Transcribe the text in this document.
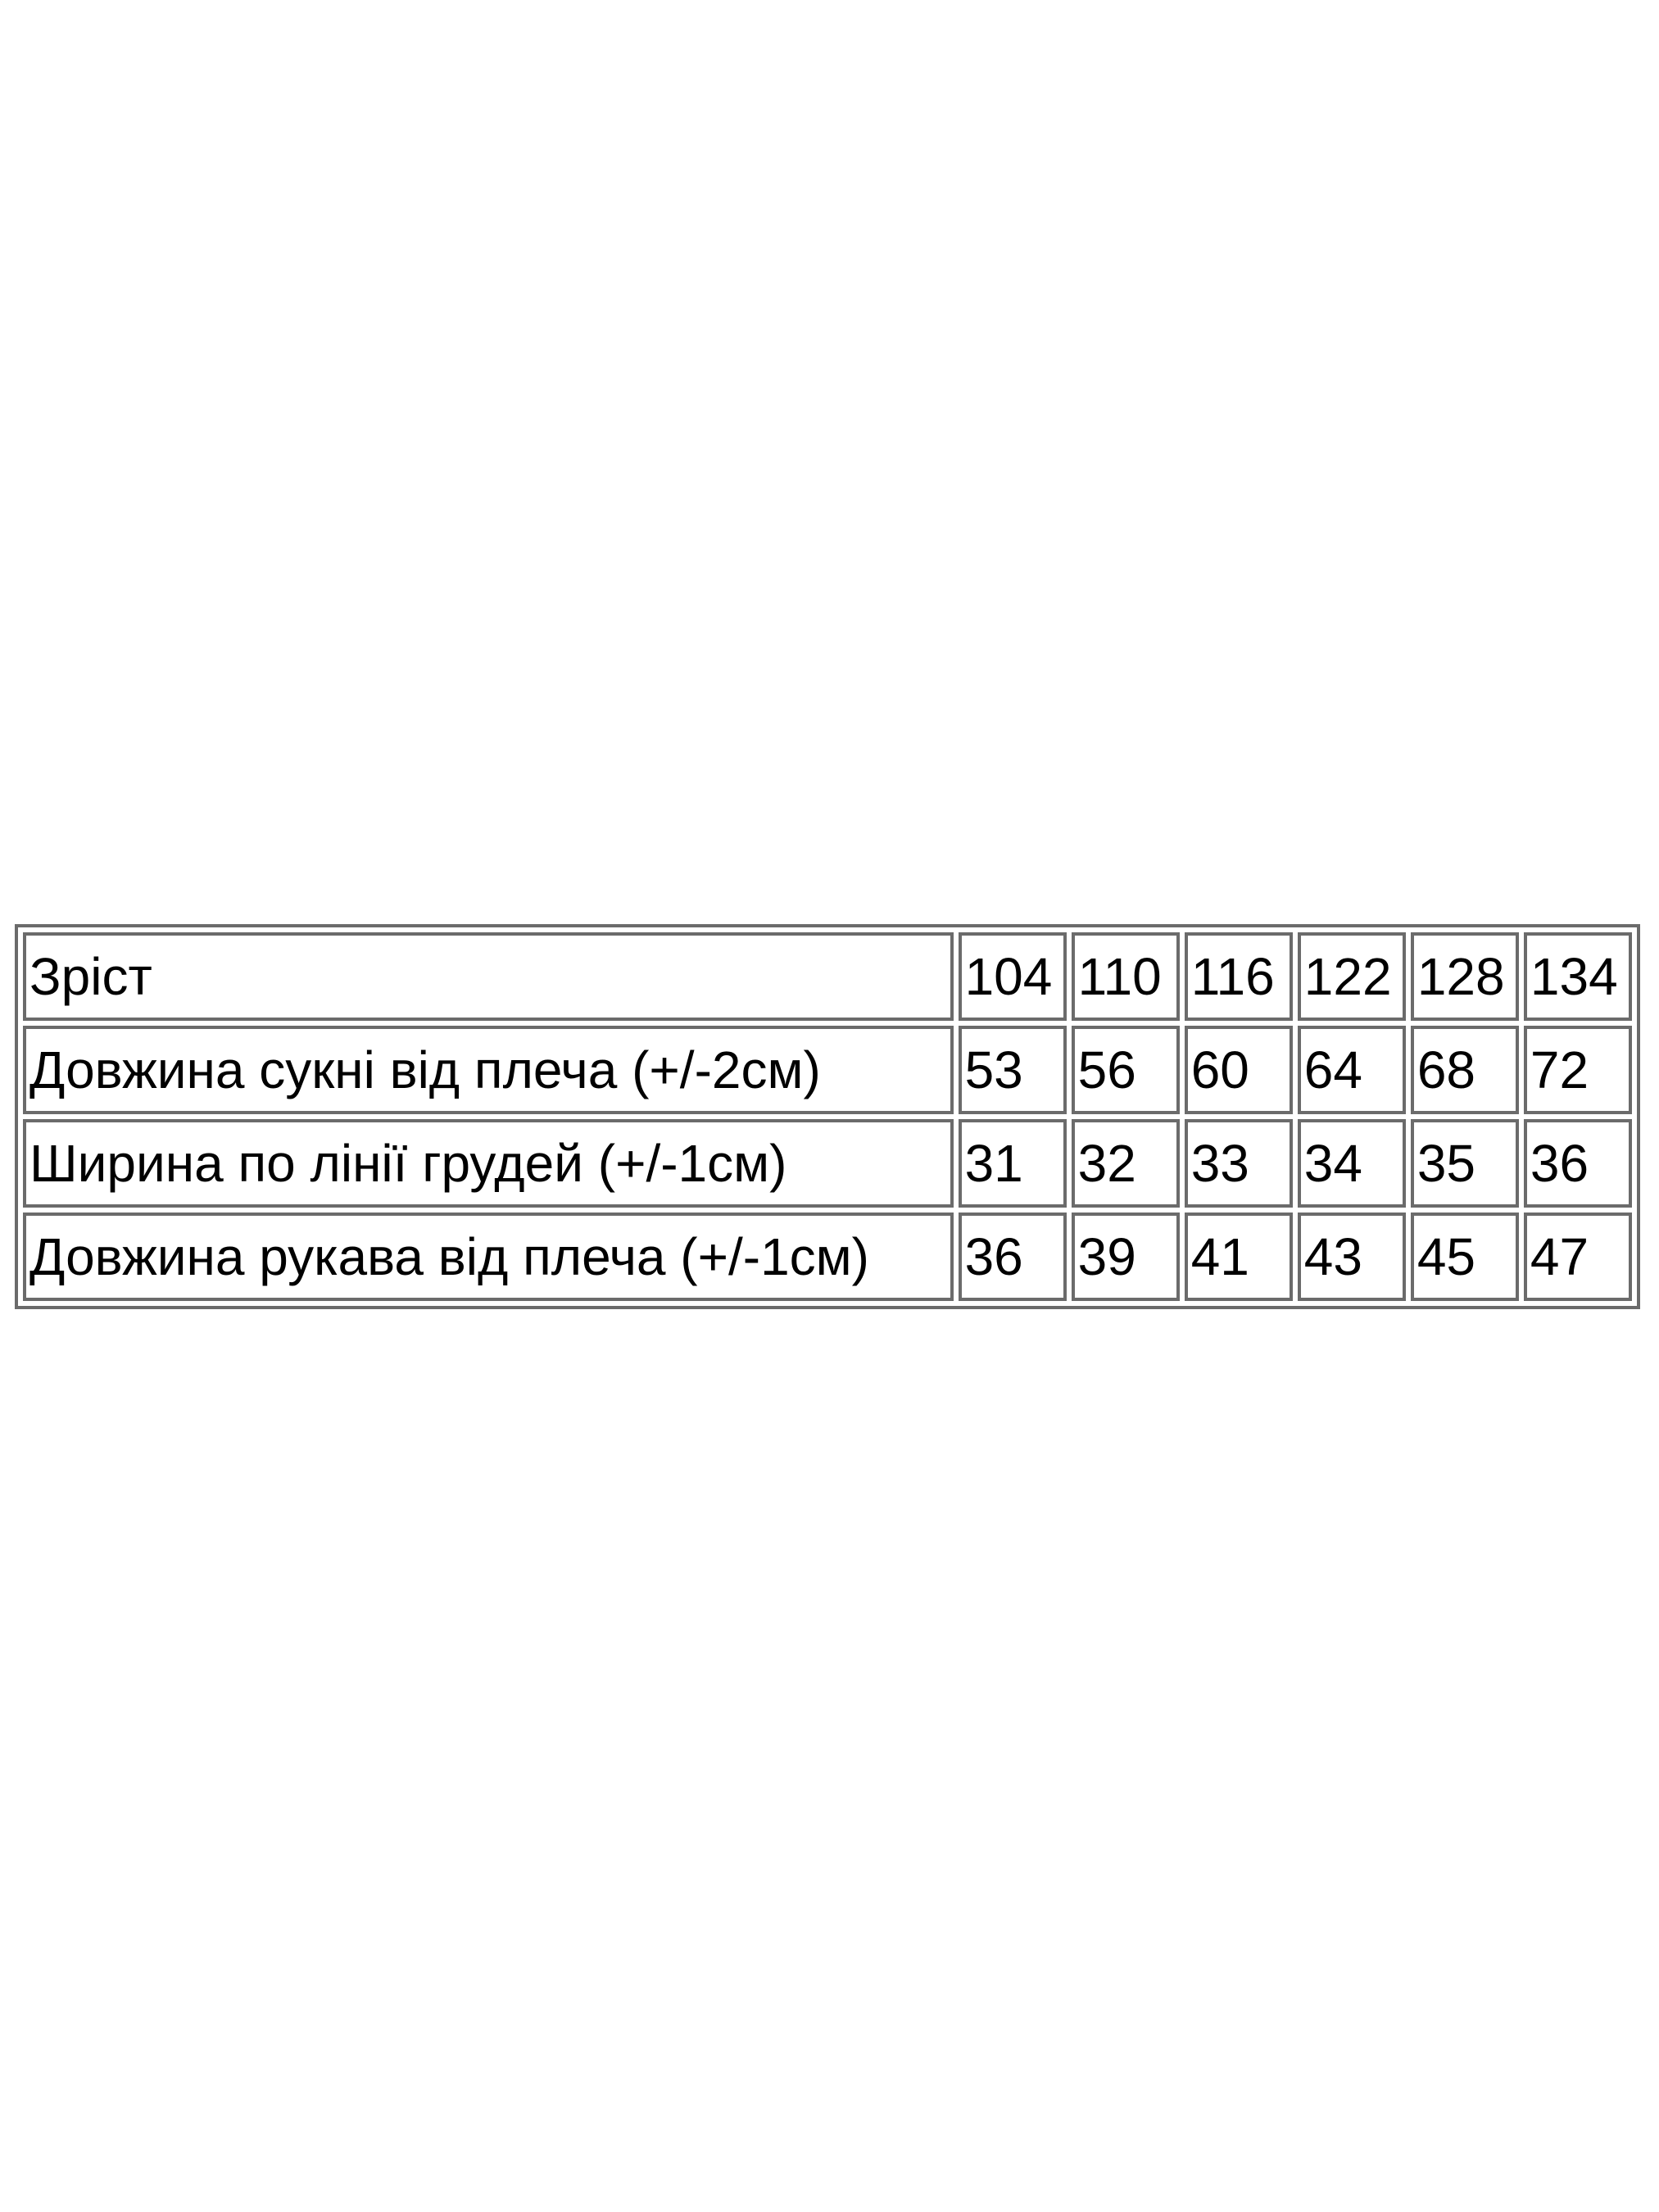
Зріст	104	110	116	122	128	134
Довжина сукні від плеча (+/-2см)	53	56	60	64	68	72
Ширина по лінії грудей (+/-1см)	31	32	33	34	35	36
Довжина рукава від плеча (+/-1см)	36	39	41	43	45	47
